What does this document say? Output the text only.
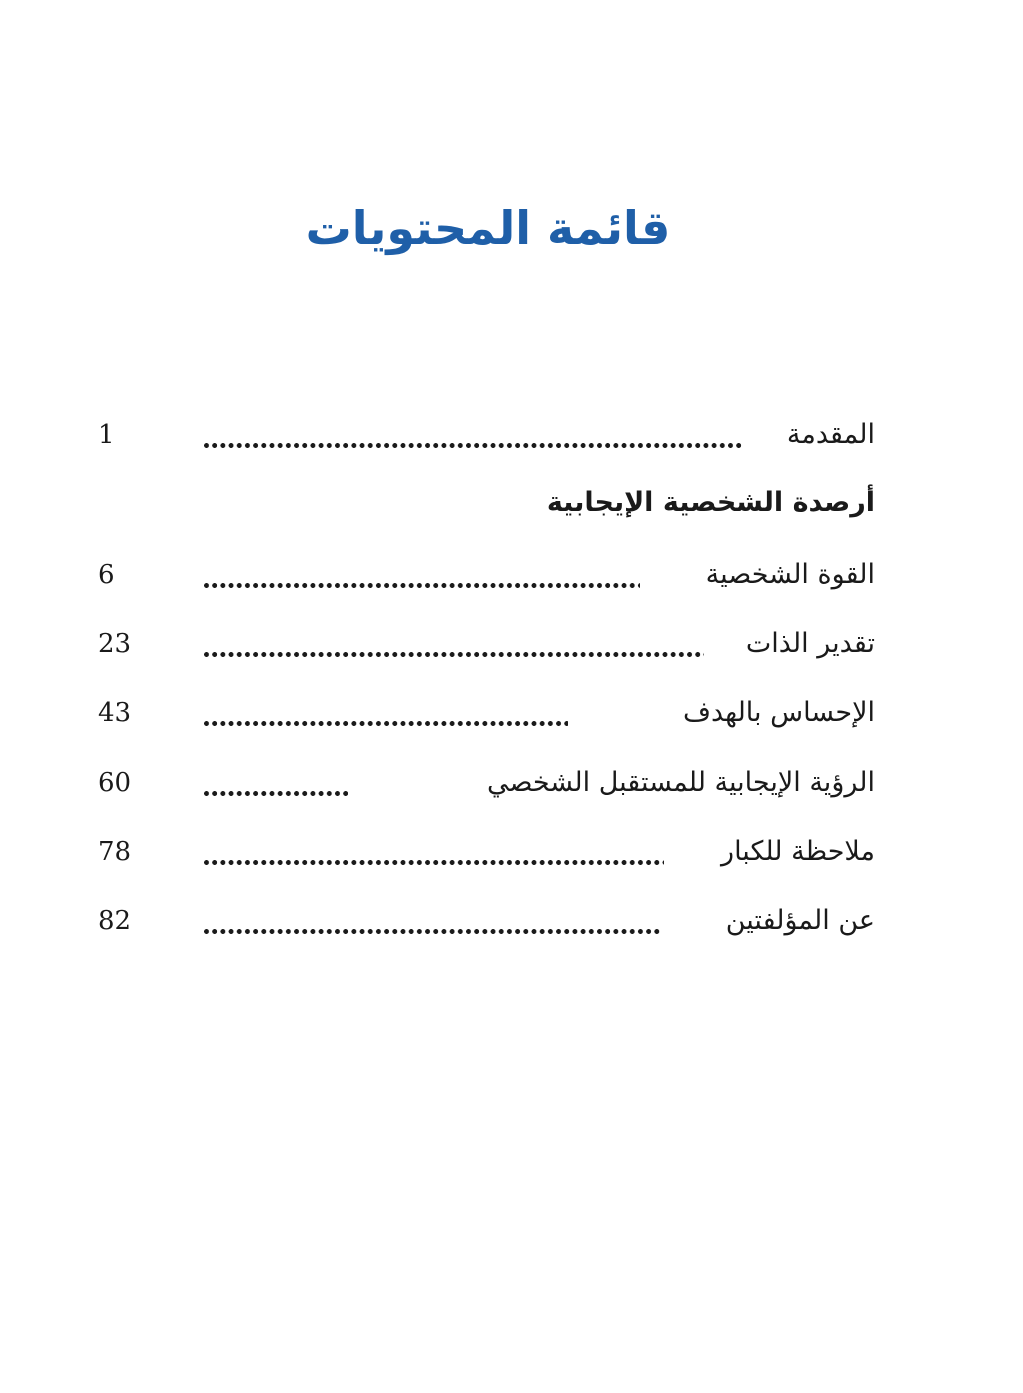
قائمة المحتويات
المقدمة
1
أرصدة الشخصية الإيجابية
القوة الشخصية
6
تقدير الذات
23
الإحساس بالهدف
43
الرؤية الإيجابية للمستقبل الشخصي
60
ملاحظة للكبار
78
عن المؤلفتين
82
